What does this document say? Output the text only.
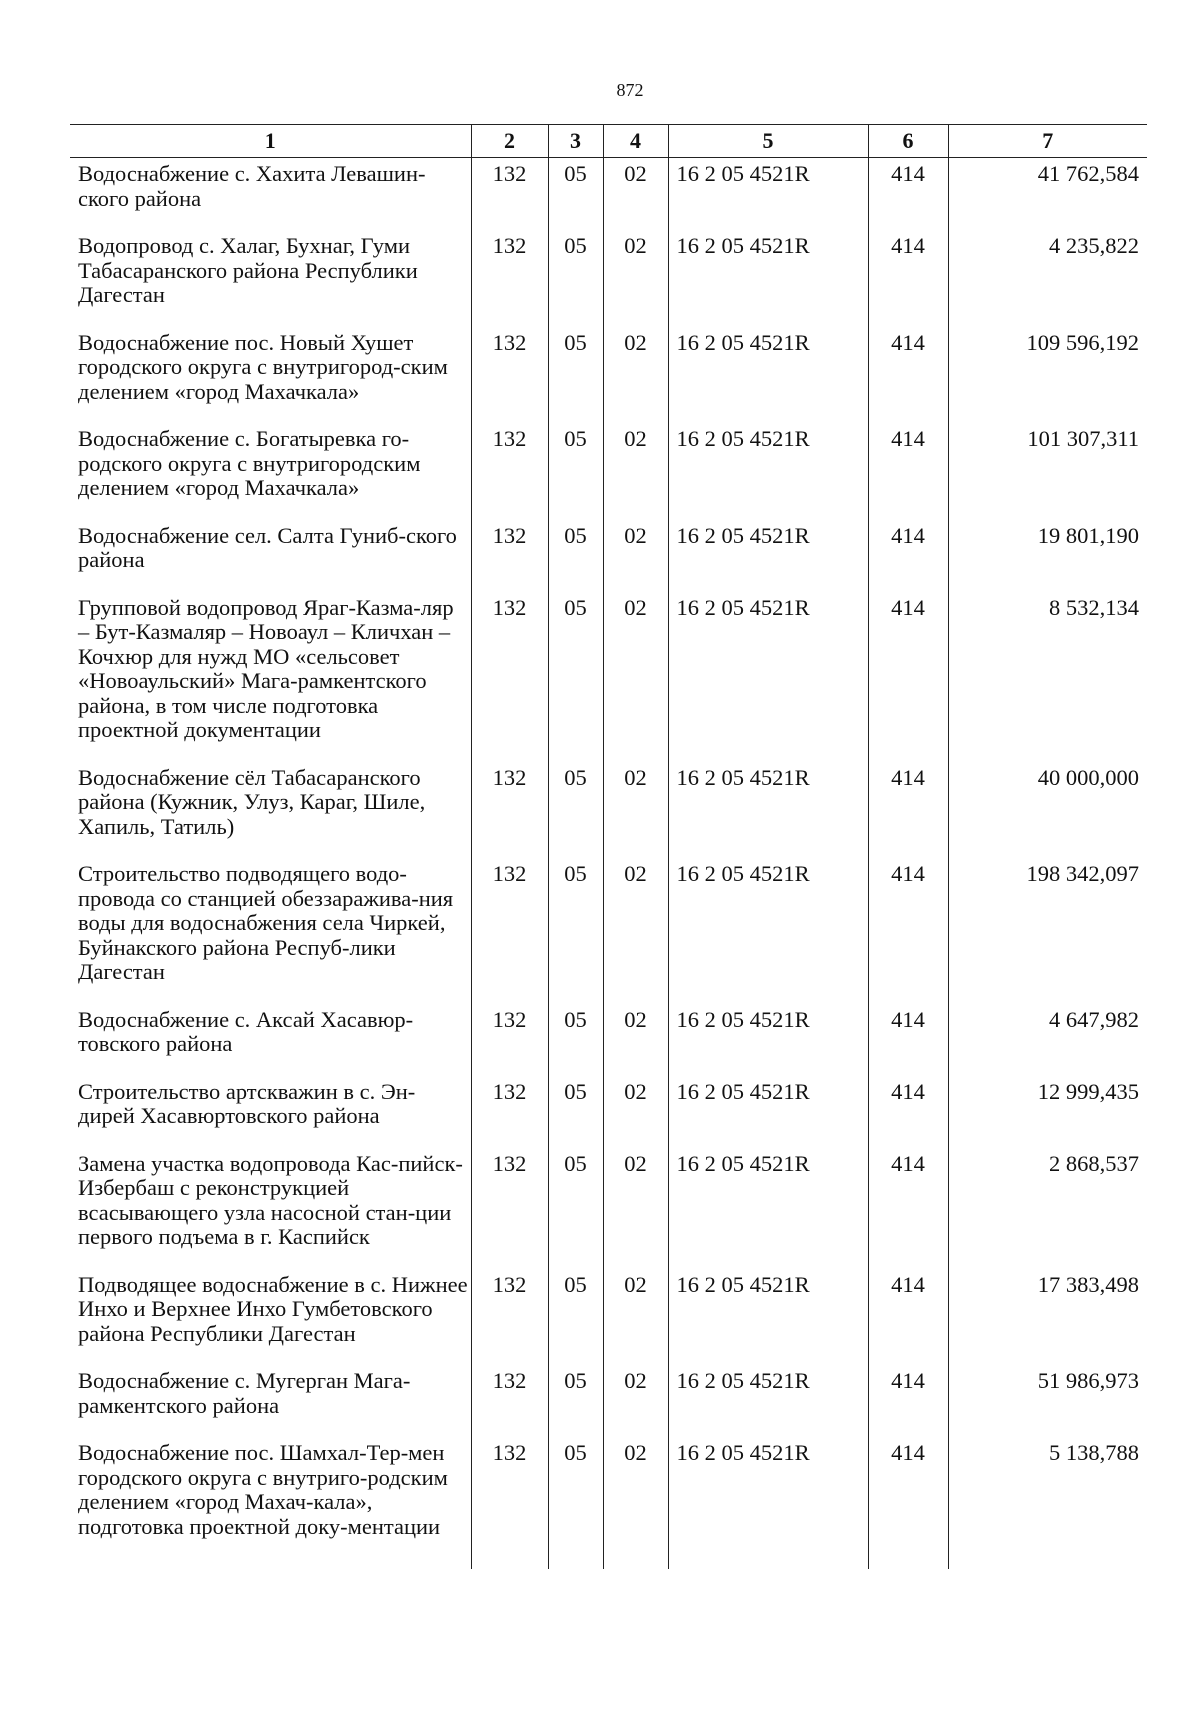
872
1	2	3	4	5	6	7
Водоснабжение с. Хахита Левашин-ского района	132	05	02	16 2 05 4521R	414	41 762,584
Водопровод с. Халаг, Бухнаг, Гуми Табасаранского района Республики Дагестан	132	05	02	16 2 05 4521R	414	4 235,822
Водоснабжение пос. Новый Хушет городского округа с внутригород-ским делением «город Махачкала»	132	05	02	16 2 05 4521R	414	109 596,192
Водоснабжение с. Богатыревка го-родского округа с внутригородским делением «город Махачкала»	132	05	02	16 2 05 4521R	414	101 307,311
Водоснабжение сел. Салта Гуниб-ского района	132	05	02	16 2 05 4521R	414	19 801,190
Групповой водопровод Яраг-Казма-ляр – Бут-Казмаляр – Новоаул – Кличхан – Кочхюр для нужд МО «сельсовет «Новоаульский» Мага-рамкентского района, в том числе подготовка проектной документации	132	05	02	16 2 05 4521R	414	8 532,134
Водоснабжение сёл Табасаранского района (Кужник, Улуз, Караг, Шиле, Хапиль, Татиль)	132	05	02	16 2 05 4521R	414	40 000,000
Строительство подводящего водо-провода со станцией обеззаражива-ния воды для водоснабжения села Чиркей, Буйнакского района Респуб-лики Дагестан	132	05	02	16 2 05 4521R	414	198 342,097
Водоснабжение с. Аксай Хасавюр-товского района	132	05	02	16 2 05 4521R	414	4 647,982
Строительство артскважин в с. Эн-дирей Хасавюртовского района	132	05	02	16 2 05 4521R	414	12 999,435
Замена участка водопровода Кас-пийск-Избербаш с реконструкцией всасывающего узла насосной стан-ции первого подъема в г. Каспийск	132	05	02	16 2 05 4521R	414	2 868,537
Подводящее водоснабжение в с. Нижнее Инхо и Верхнее Инхо Гумбетовского района Республики Дагестан	132	05	02	16 2 05 4521R	414	17 383,498
Водоснабжение с. Мугерган Мага-рамкентского района	132	05	02	16 2 05 4521R	414	51 986,973
Водоснабжение пос. Шамхал-Тер-мен городского округа с внутриго-родским делением «город Махач-кала», подготовка проектной доку-ментации	132	05	02	16 2 05 4521R	414	5 138,788
